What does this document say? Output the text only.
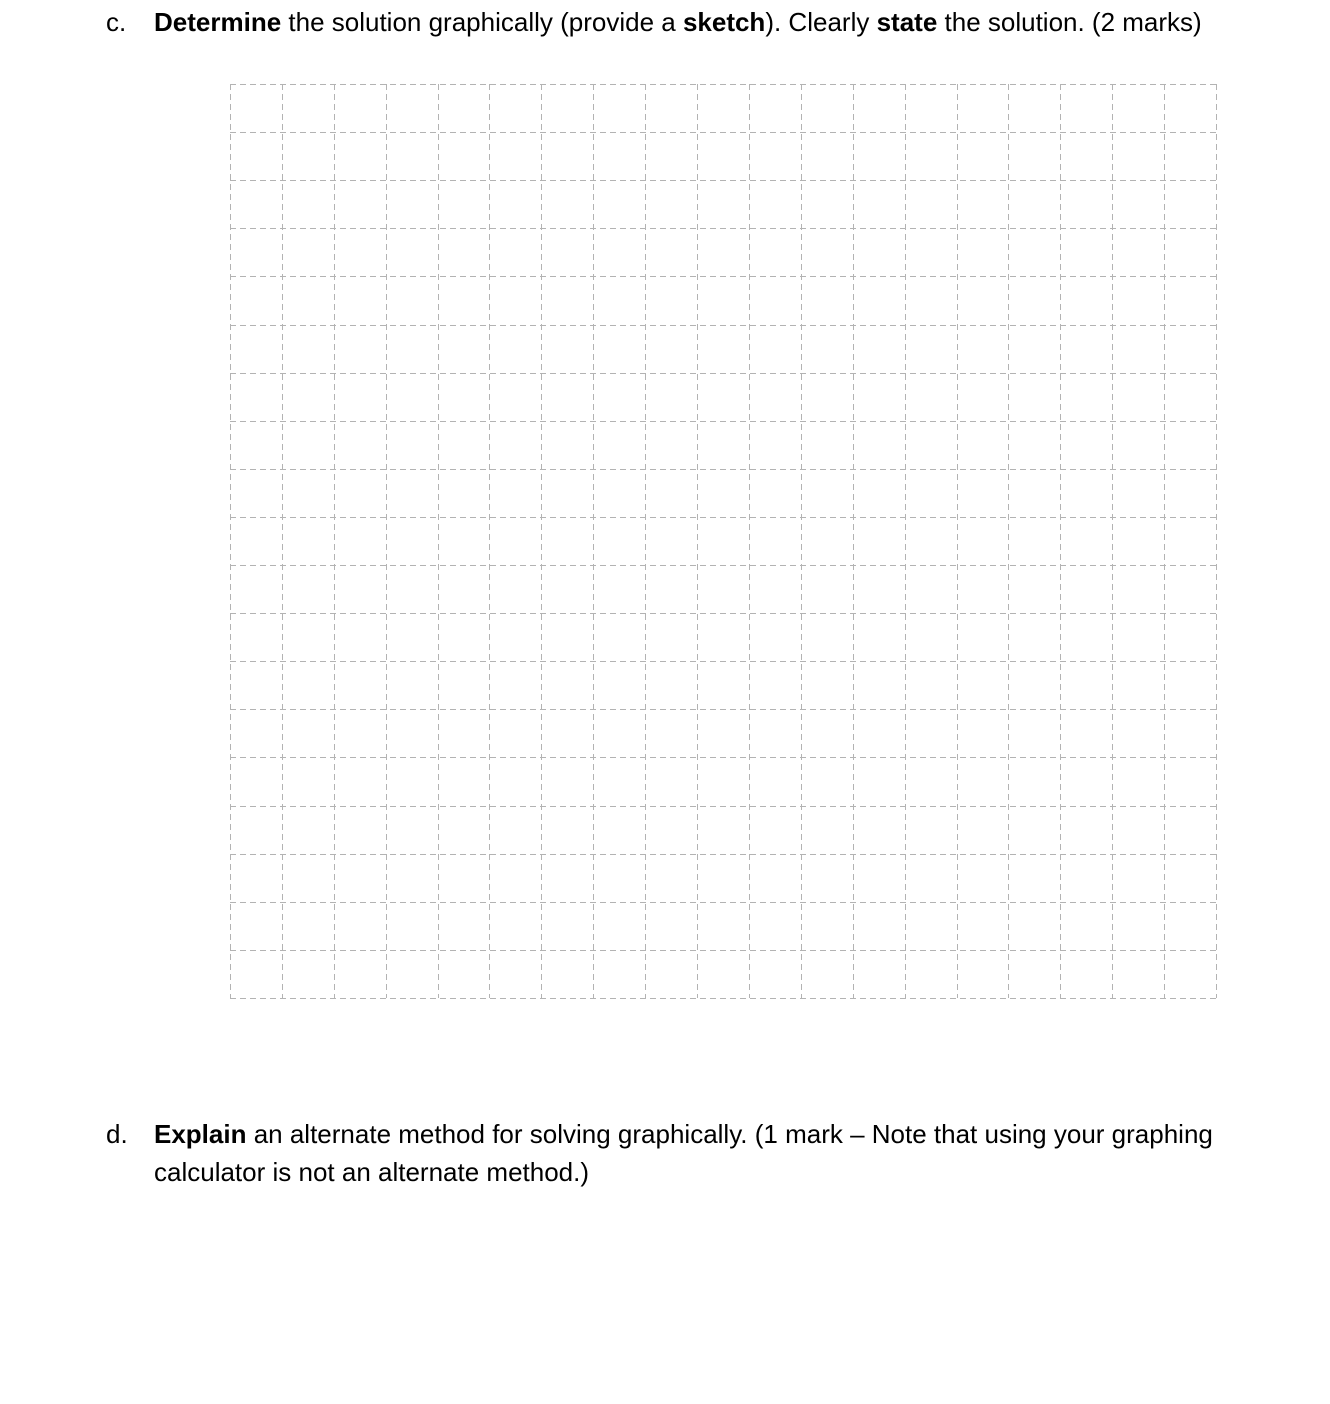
c. Determine the solution graphically (provide a sketch). Clearly state the solution. (2 marks)
d. Explain an alternate method for solving graphically. (1 mark – Note that using your graphing calculator is not an alternate method.)
